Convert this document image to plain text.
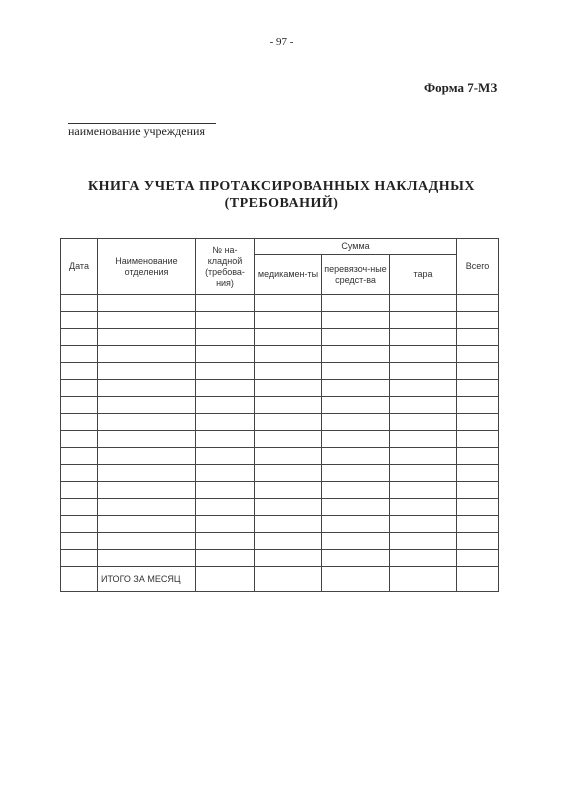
- 97 -
Форма 7-МЗ
наименование учреждения
КНИГА УЧЕТА ПРОТАКСИРОВАННЫХ НАКЛАДНЫХ
(ТРЕБОВАНИЙ)
Дата	Наименование отделения	№ на-кладной (требова-ния)	Сумма			Всего
			медикамен-ты	перевязоч-ные средст-ва	тара	

	ИТОГО ЗА МЕСЯЦ					
